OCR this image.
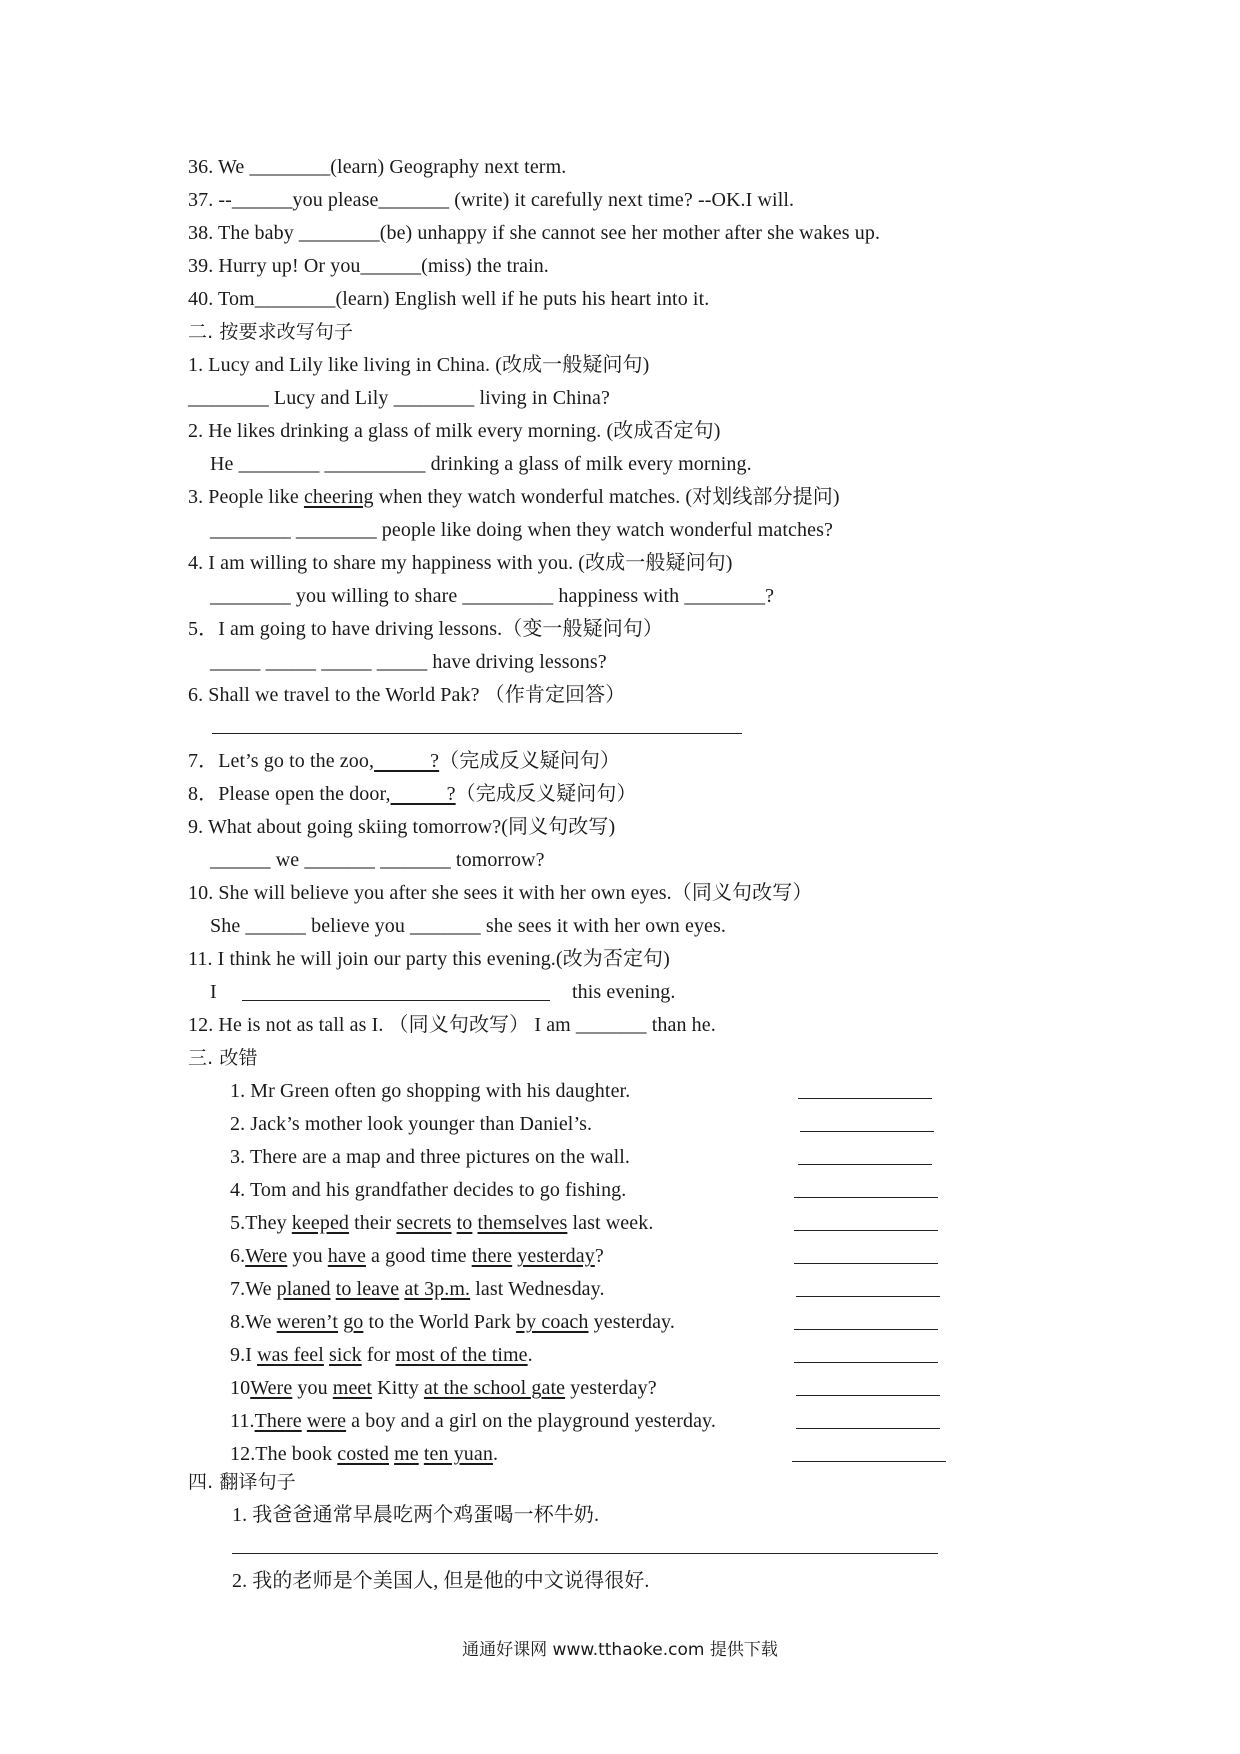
36. We ________(learn) Geography next term.
37. --______you please_______ (write) it carefully next time? --OK.I will.
38. The baby ________(be) unhappy if she cannot see her mother after she wakes up.
39. Hurry up! Or you______(miss) the train.
40. Tom________(learn) English well if he puts his heart into it.
二. 按要求改写句子
1. Lucy and Lily like living in China. (改成一般疑问句)
________ Lucy and Lily ________ living in China?
2. He likes drinking a glass of milk every morning. (改成否定句)
He ________ __________ drinking a glass of milk every morning.
3. People like cheering when they watch wonderful matches. (对划线部分提问)
________ ________ people like doing when they watch wonderful matches?
4. I am willing to share my happiness with you. (改成一般疑问句)
________ you willing to share _________ happiness with ________?
5．I am going to have driving lessons.（变一般疑问句）
_____ _____ _____ _____ have driving lessons?
6. Shall we travel to the World Pak? （作肯定回答）
7．Let’s go to the zoo,           ?（完成反义疑问句）
8．Please open the door,           ?（完成反义疑问句）
9. What about going skiing tomorrow?(同义句改写)
______ we _______ _______ tomorrow?
10. She will believe you after she sees it with her own eyes.（同义句改写）
She ______ believe you _______ she sees it with her own eyes.
11. I think he will join our party this evening.(改为否定句)
I	this evening.
12. He is not as tall as I. （同义句改写） I am _______ than he.
三. 改错
1. Mr Green often go shopping with his daughter.
2. Jack’s mother look younger than Daniel’s.
3. There are a map and three pictures on the wall.
4. Tom and his grandfather decides to go fishing.
5.They keeped their secrets to themselves last week.
6.Were you have a good time there yesterday?
7.We planed to leave at 3p.m. last Wednesday.
8.We weren’t go to the World Park by coach yesterday.
9.I was feel sick for most of the time.
10Were you meet Kitty at the school gate yesterday?
11.There were a boy and a girl on the playground yesterday.
12.The book costed me ten yuan.
四. 翻译句子
1. 我爸爸通常早晨吃两个鸡蛋喝一杯牛奶.
2. 我的老师是个美国人, 但是他的中文说得很好.
通通好课网 www.tthaoke.com 提供下载
